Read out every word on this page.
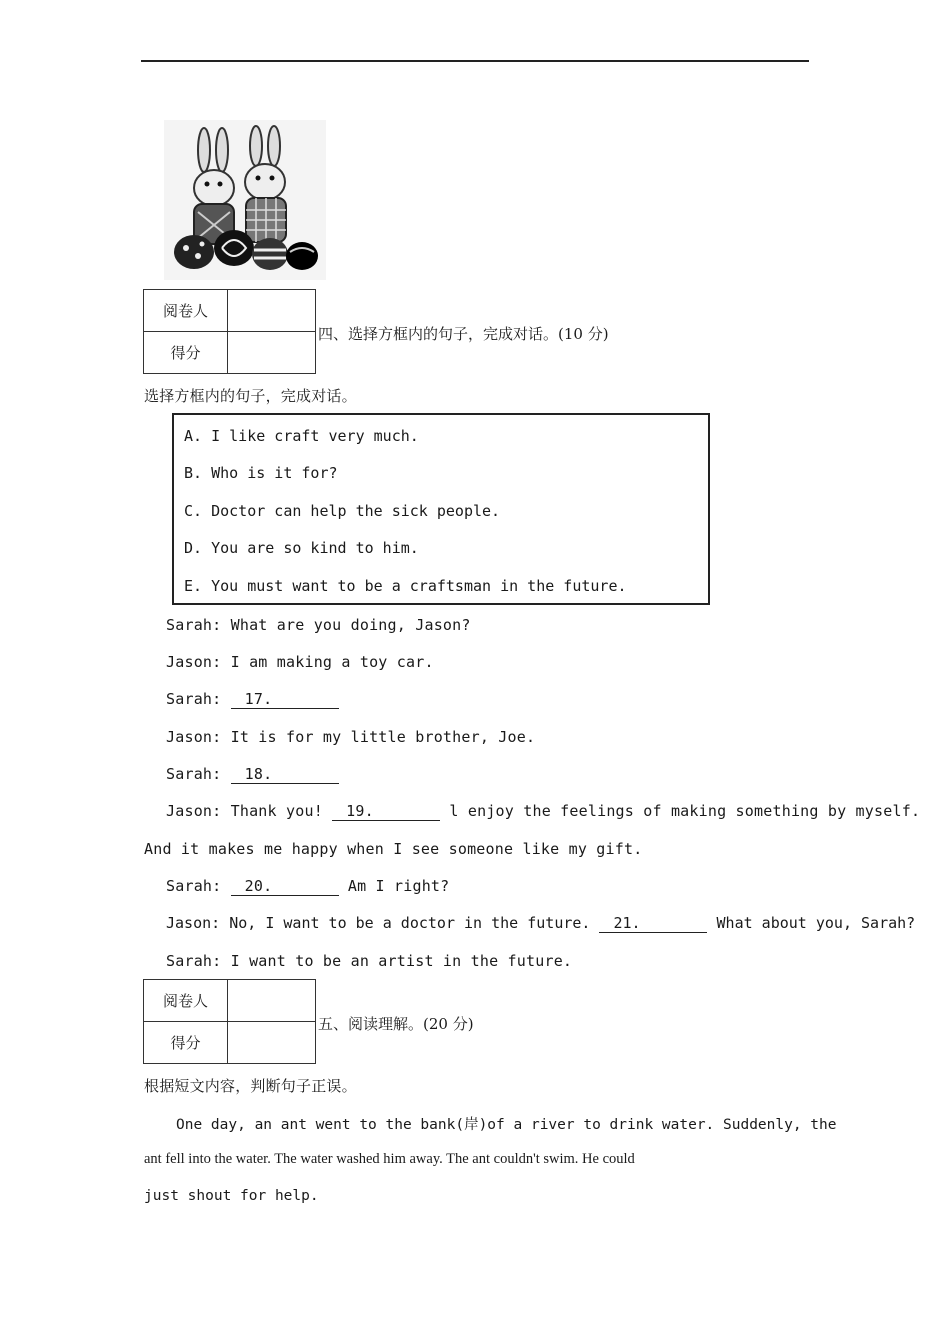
阅卷人
得分
四、选择方框内的句子，完成对话。(10 分)
选择方框内的句子，完成对话。
A. I like craft very much.
B. Who is it for?
C. Doctor can help the sick people.
D. You are so kind to him.
E. You must want to be a craftsman in the future.
Sarah: What are you doing, Jason?
Jason: I am making a toy car.
Sarah: 17.
Jason: It is for my little brother, Joe.
Sarah: 18.
Jason: Thank you! 19.	l enjoy the feelings of making something by myself.
And it makes me happy when I see someone like my gift.
Sarah: 20.	Am I right?
Jason: No, I want to be a doctor in the future. 21.	What about you, Sarah?
Sarah: I want to be an artist in the future.
阅卷人
得分
五、阅读理解。(20 分)
根据短文内容，判断句子正误。
One day, an ant went to the bank(岸)of a river to drink water. Suddenly, the
ant fell into the water. The water washed him away. The ant couldn't swim. He could
just shout for help.
